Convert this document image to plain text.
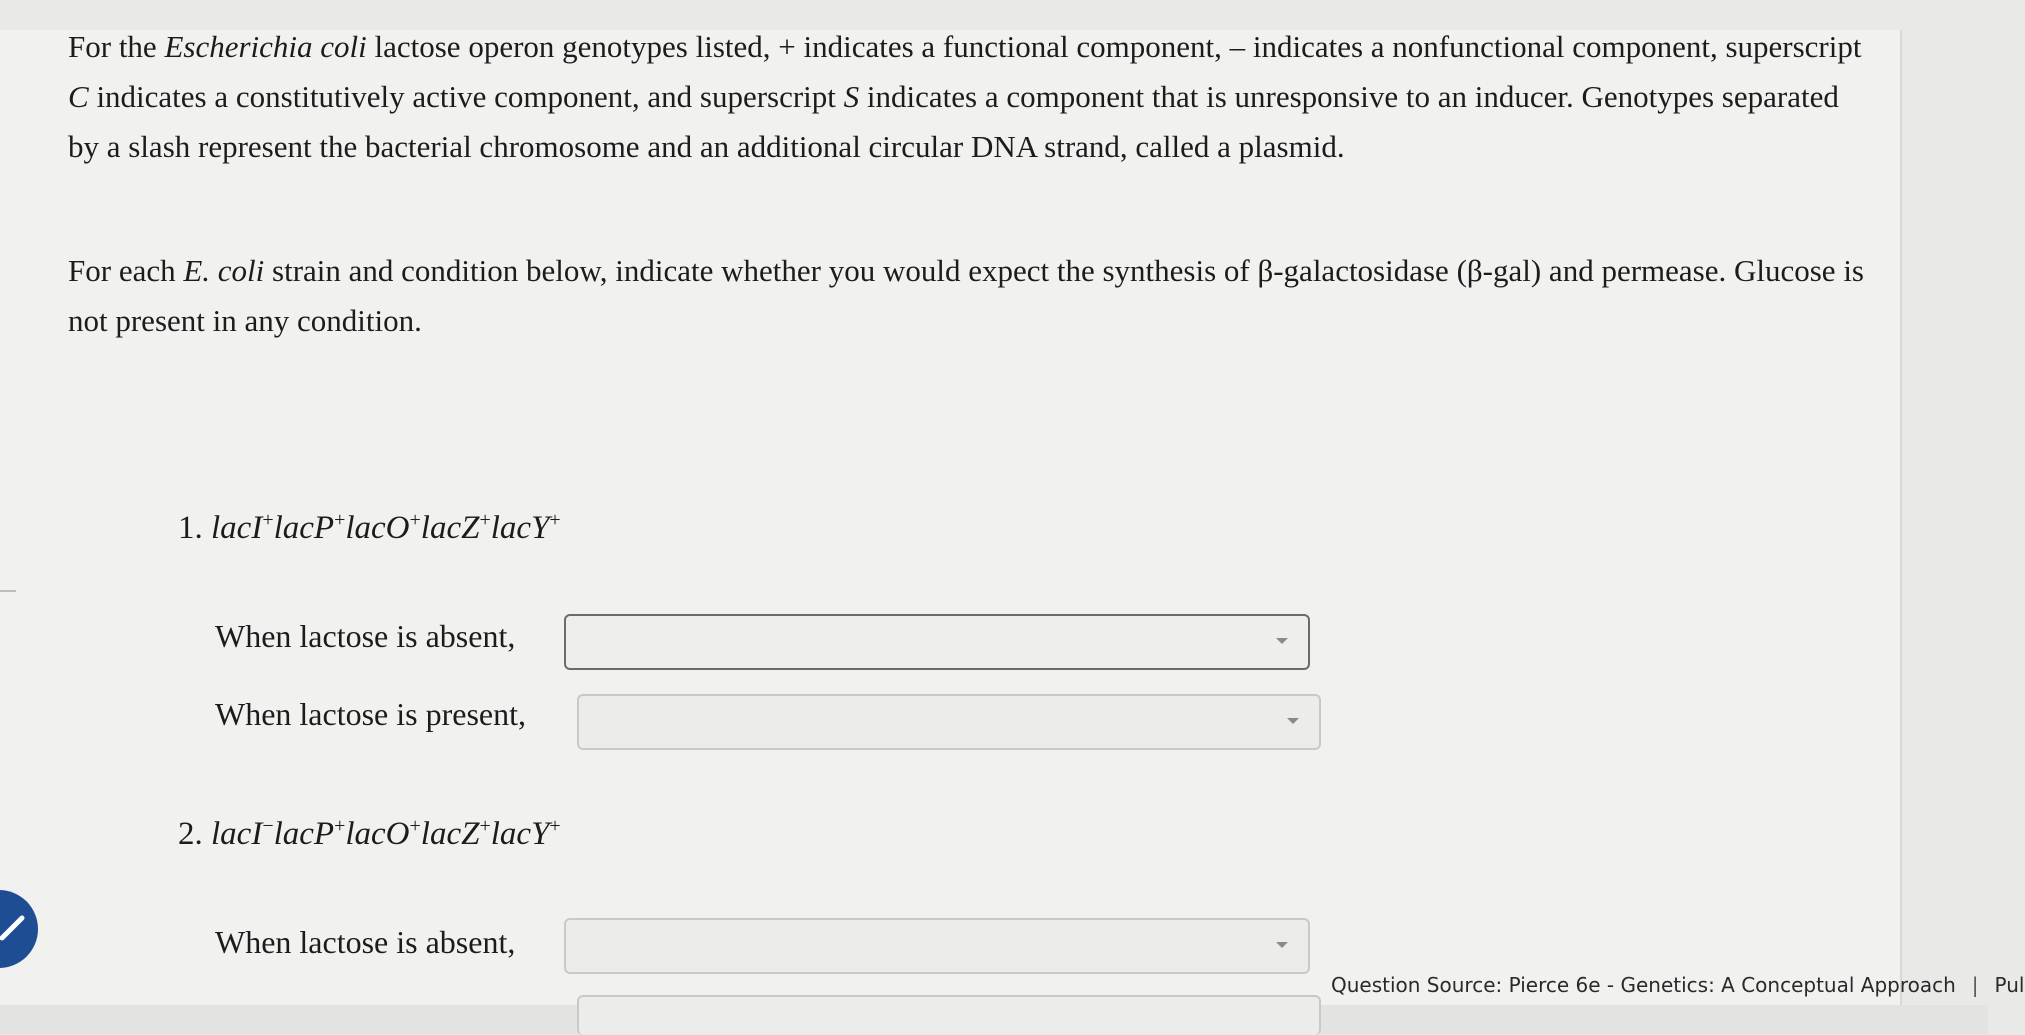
For the Escherichia coli lactose operon genotypes listed, + indicates a functional component, – indicates a nonfunctional component, superscript C indicates a constitutively active component, and superscript S indicates a component that is unresponsive to an inducer. Genotypes separated by a slash represent the bacterial chromosome and an additional circular DNA strand, called a plasmid.
For each E. coli strain and condition below, indicate whether you would expect the synthesis of β-galactosidase (β-gal) and permease. Glucose is not present in any condition.
1. lacI+lacP+lacO+lacZ+lacY+
When lactose is absent,
When lactose is present,
2. lacI−lacP+lacO+lacZ+lacY+
When lactose is absent,
Question Source: Pierce 6e - Genetics: A Conceptual Approach | Pul
